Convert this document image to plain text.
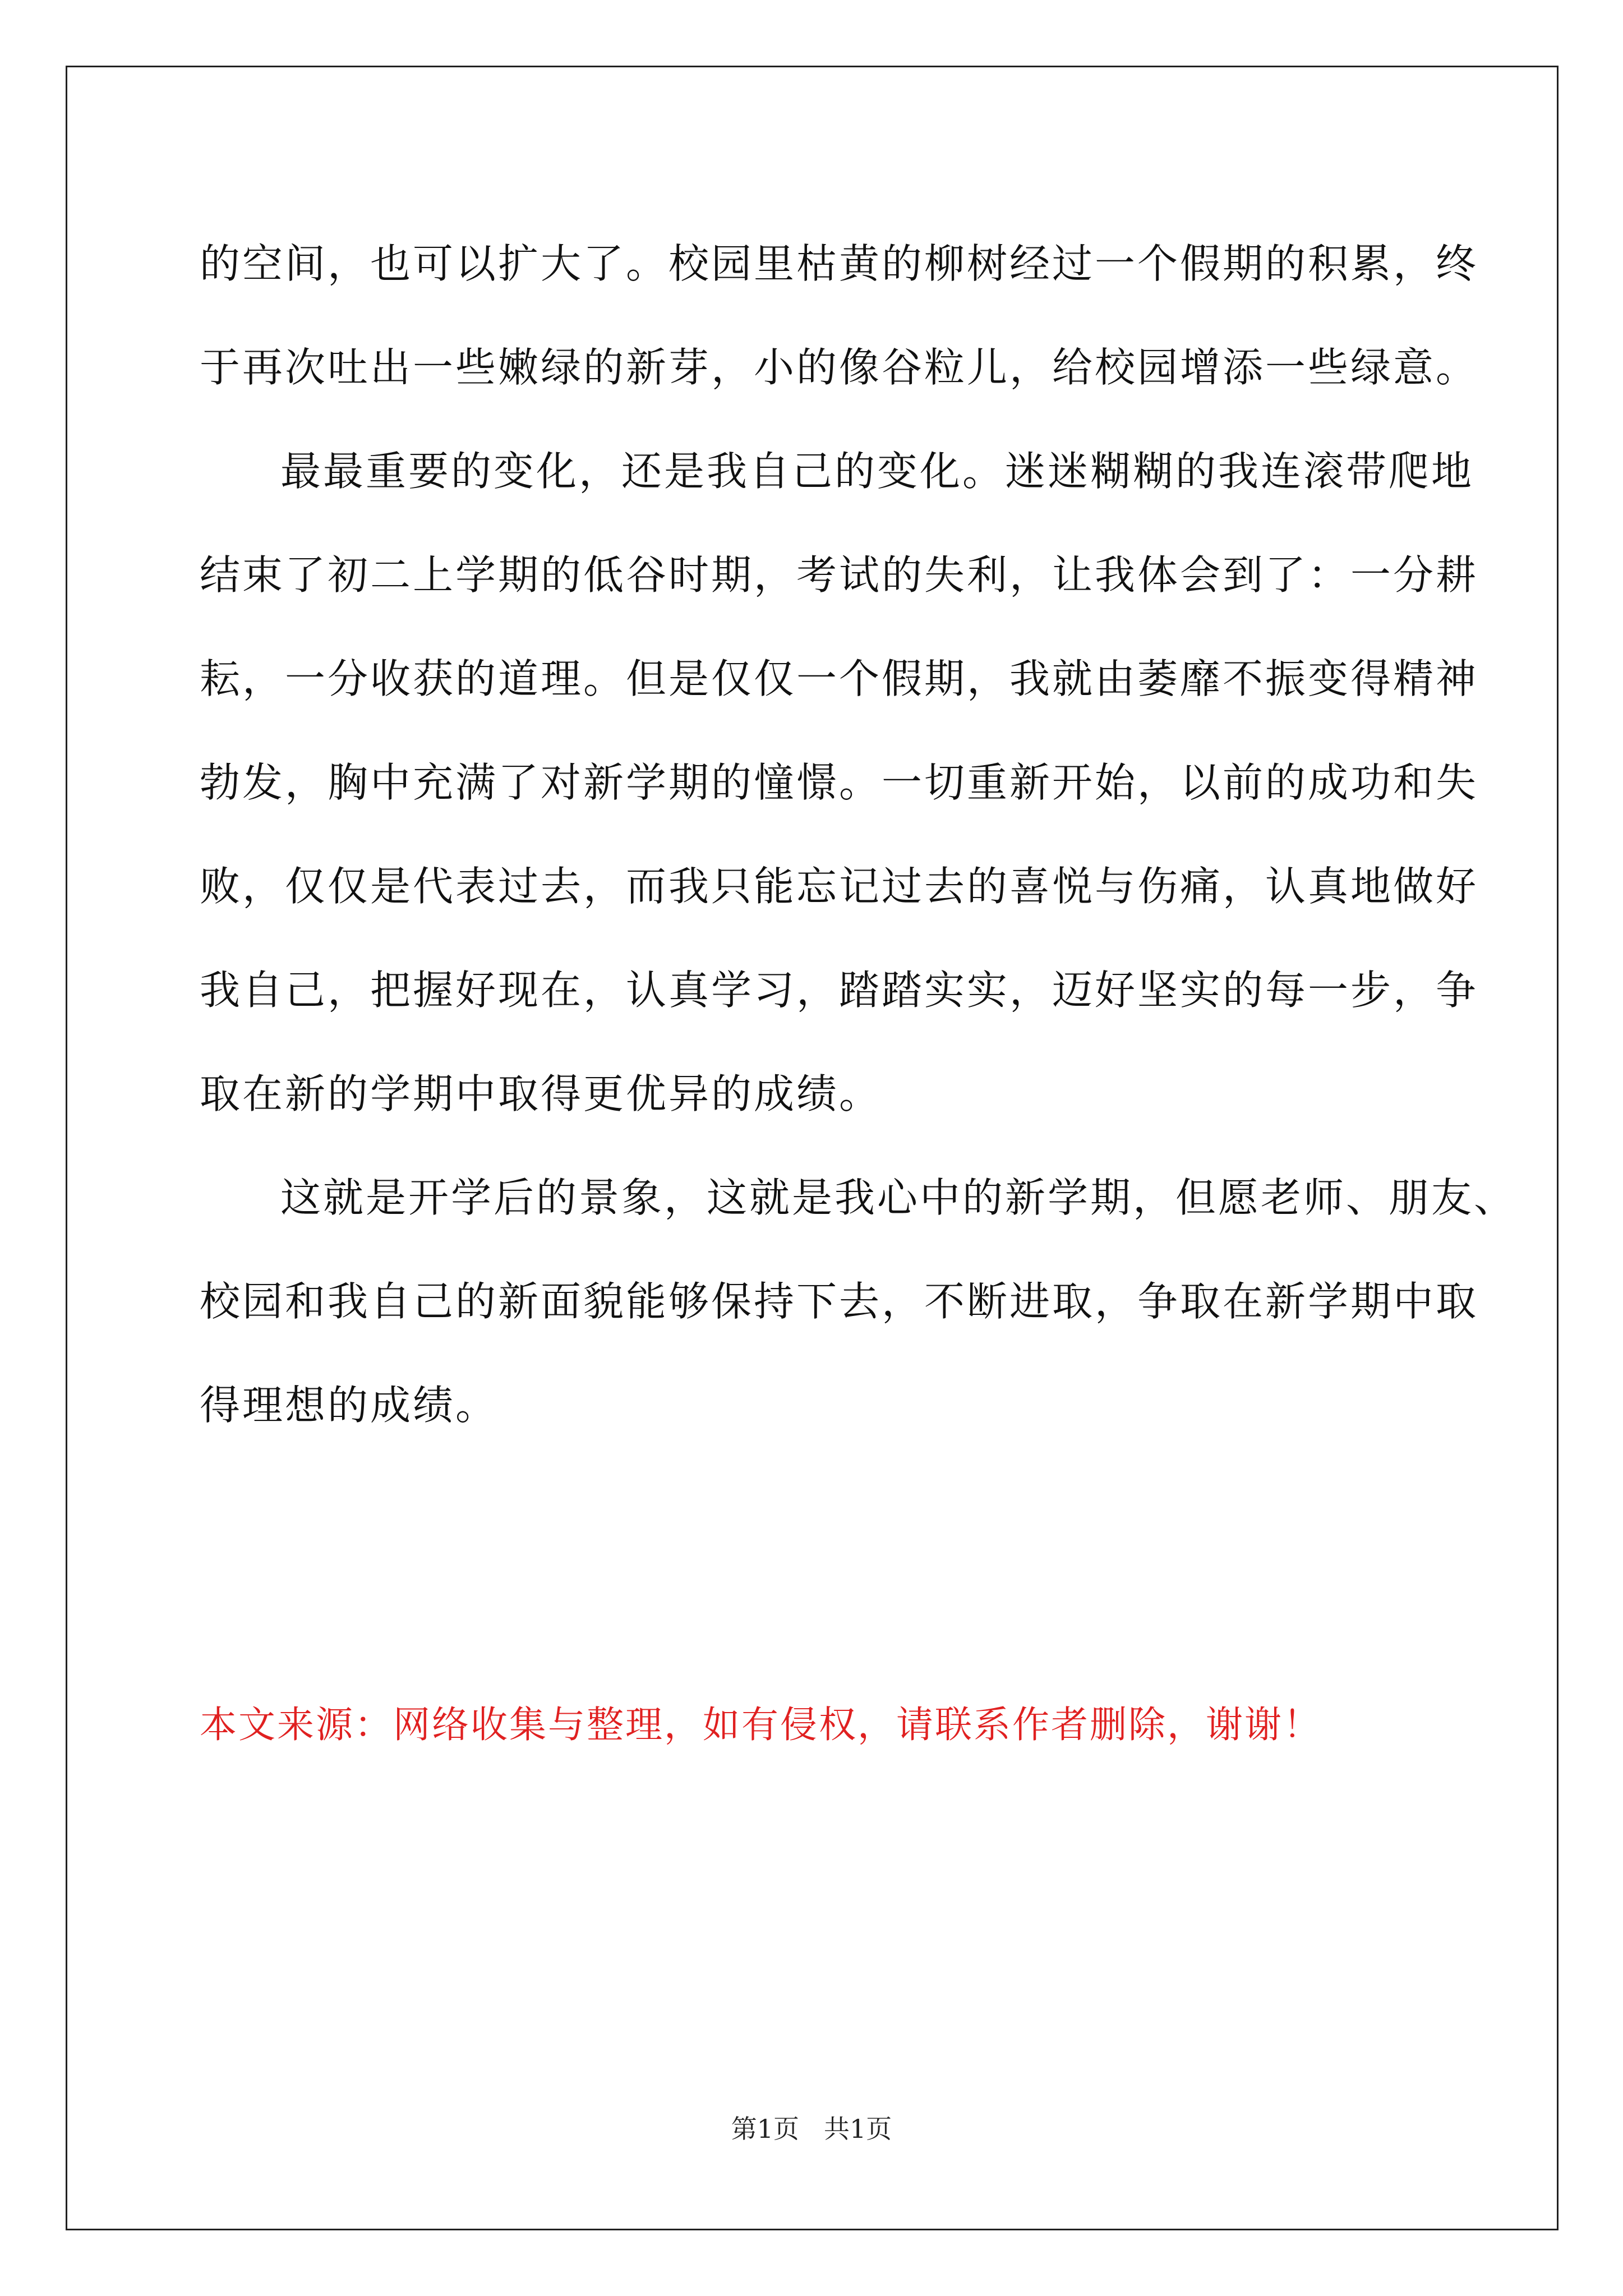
的空间，也可以扩大了。校园里枯黄的柳树经过一个假期的积累，终
于再次吐出一些嫩绿的新芽，小的像谷粒儿，给校园增添一些绿意。
最最重要的变化，还是我自己的变化。迷迷糊糊的我连滚带爬地
结束了初二上学期的低谷时期，考试的失利，让我体会到了：一分耕
耘，一分收获的道理。但是仅仅一个假期，我就由萎靡不振变得精神
勃发，胸中充满了对新学期的憧憬。一切重新开始，以前的成功和失
败，仅仅是代表过去，而我只能忘记过去的喜悦与伤痛，认真地做好
我自己，把握好现在，认真学习，踏踏实实，迈好坚实的每一步，争
取在新的学期中取得更优异的成绩。
这就是开学后的景象，这就是我心中的新学期，但愿老师、朋友、
校园和我自己的新面貌能够保持下去，不断进取，争取在新学期中取
得理想的成绩。
本文来源：网络收集与整理，如有侵权，请联系作者删除，谢谢！
第1页 共1页
